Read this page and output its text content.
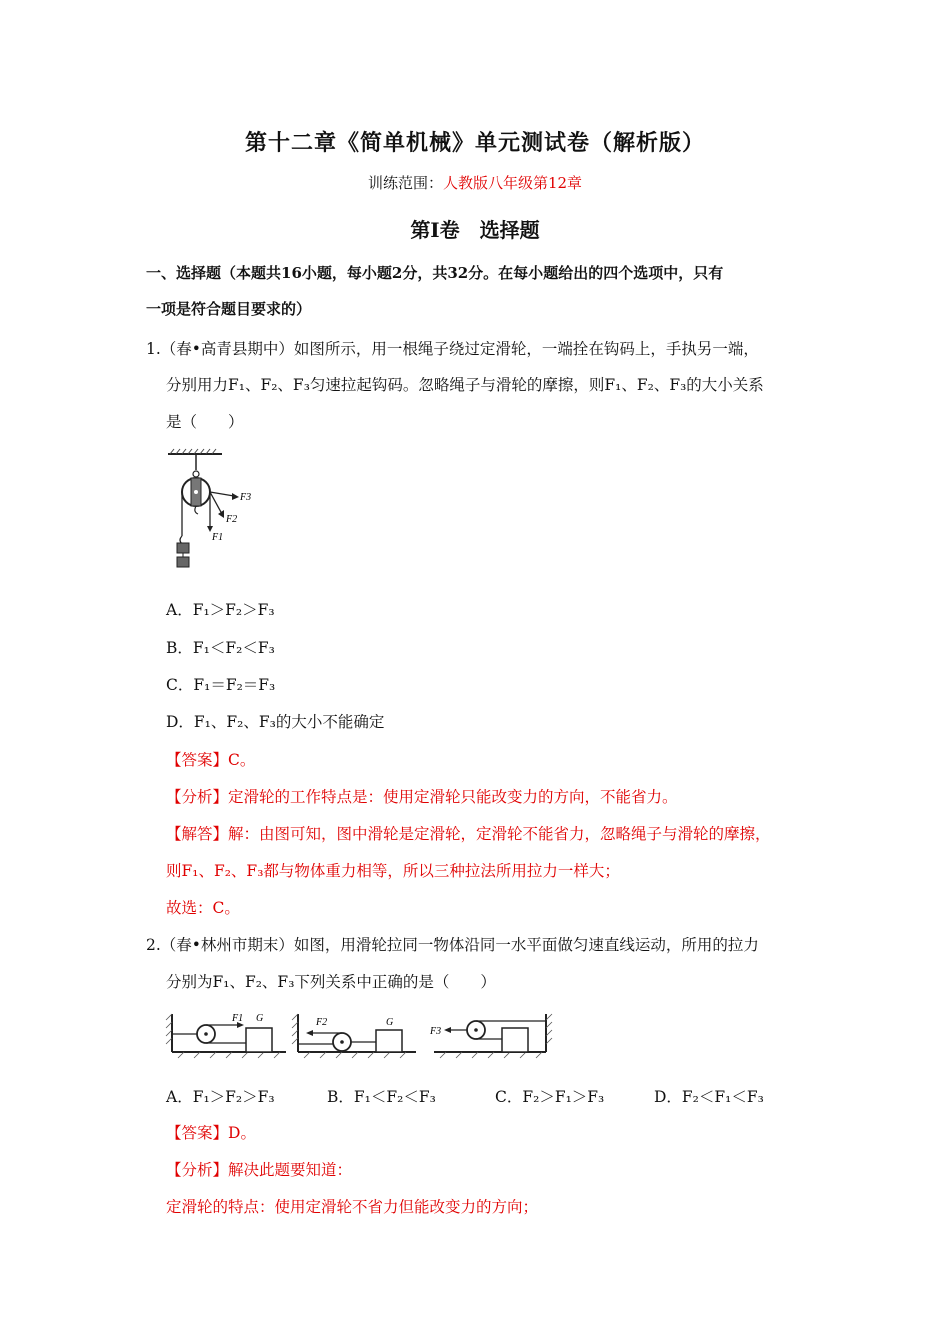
第十二章《简单机械》单元测试卷（解析版）
训练范围：人教版八年级第12章
第Ⅰ卷　选择题
一、选择题（本题共16小题，每小题2分，共32分。在每小题给出的四个选项中，只有
一项是符合题目要求的）
1.（春•高青县期中）如图所示，用一根绳子绕过定滑轮，一端拴在钩码上，手执另一端，
分别用力F₁、F₂、F₃匀速拉起钩码。忽略绳子与滑轮的摩擦，则F₁、F₂、F₃的大小关系
是（　　）
F3
F2
F1
A．F₁＞F₂＞F₃
B．F₁＜F₂＜F₃
C．F₁＝F₂＝F₃
D．F₁、F₂、F₃的大小不能确定
【答案】C。
【分析】定滑轮的工作特点是：使用定滑轮只能改变力的方向，不能省力。
【解答】解：由图可知，图中滑轮是定滑轮，定滑轮不能省力，忽略绳子与滑轮的摩擦，
则F₁、F₂、F₃都与物体重力相等，所以三种拉法所用拉力一样大；
故选：C。
2.（春•林州市期末）如图，用滑轮拉同一物体沿同一水平面做匀速直线运动，所用的拉力
分别为F₁、F₂、F₃下列关系中正确的是（　　）
F1 G	F2	G
F3
A．F₁＞F₂＞F₃	B．F₁＜F₂＜F₃	C．F₂＞F₁＞F₃	D．F₂＜F₁＜F₃
【答案】D。
【分析】解决此题要知道：
定滑轮的特点：使用定滑轮不省力但能改变力的方向；
